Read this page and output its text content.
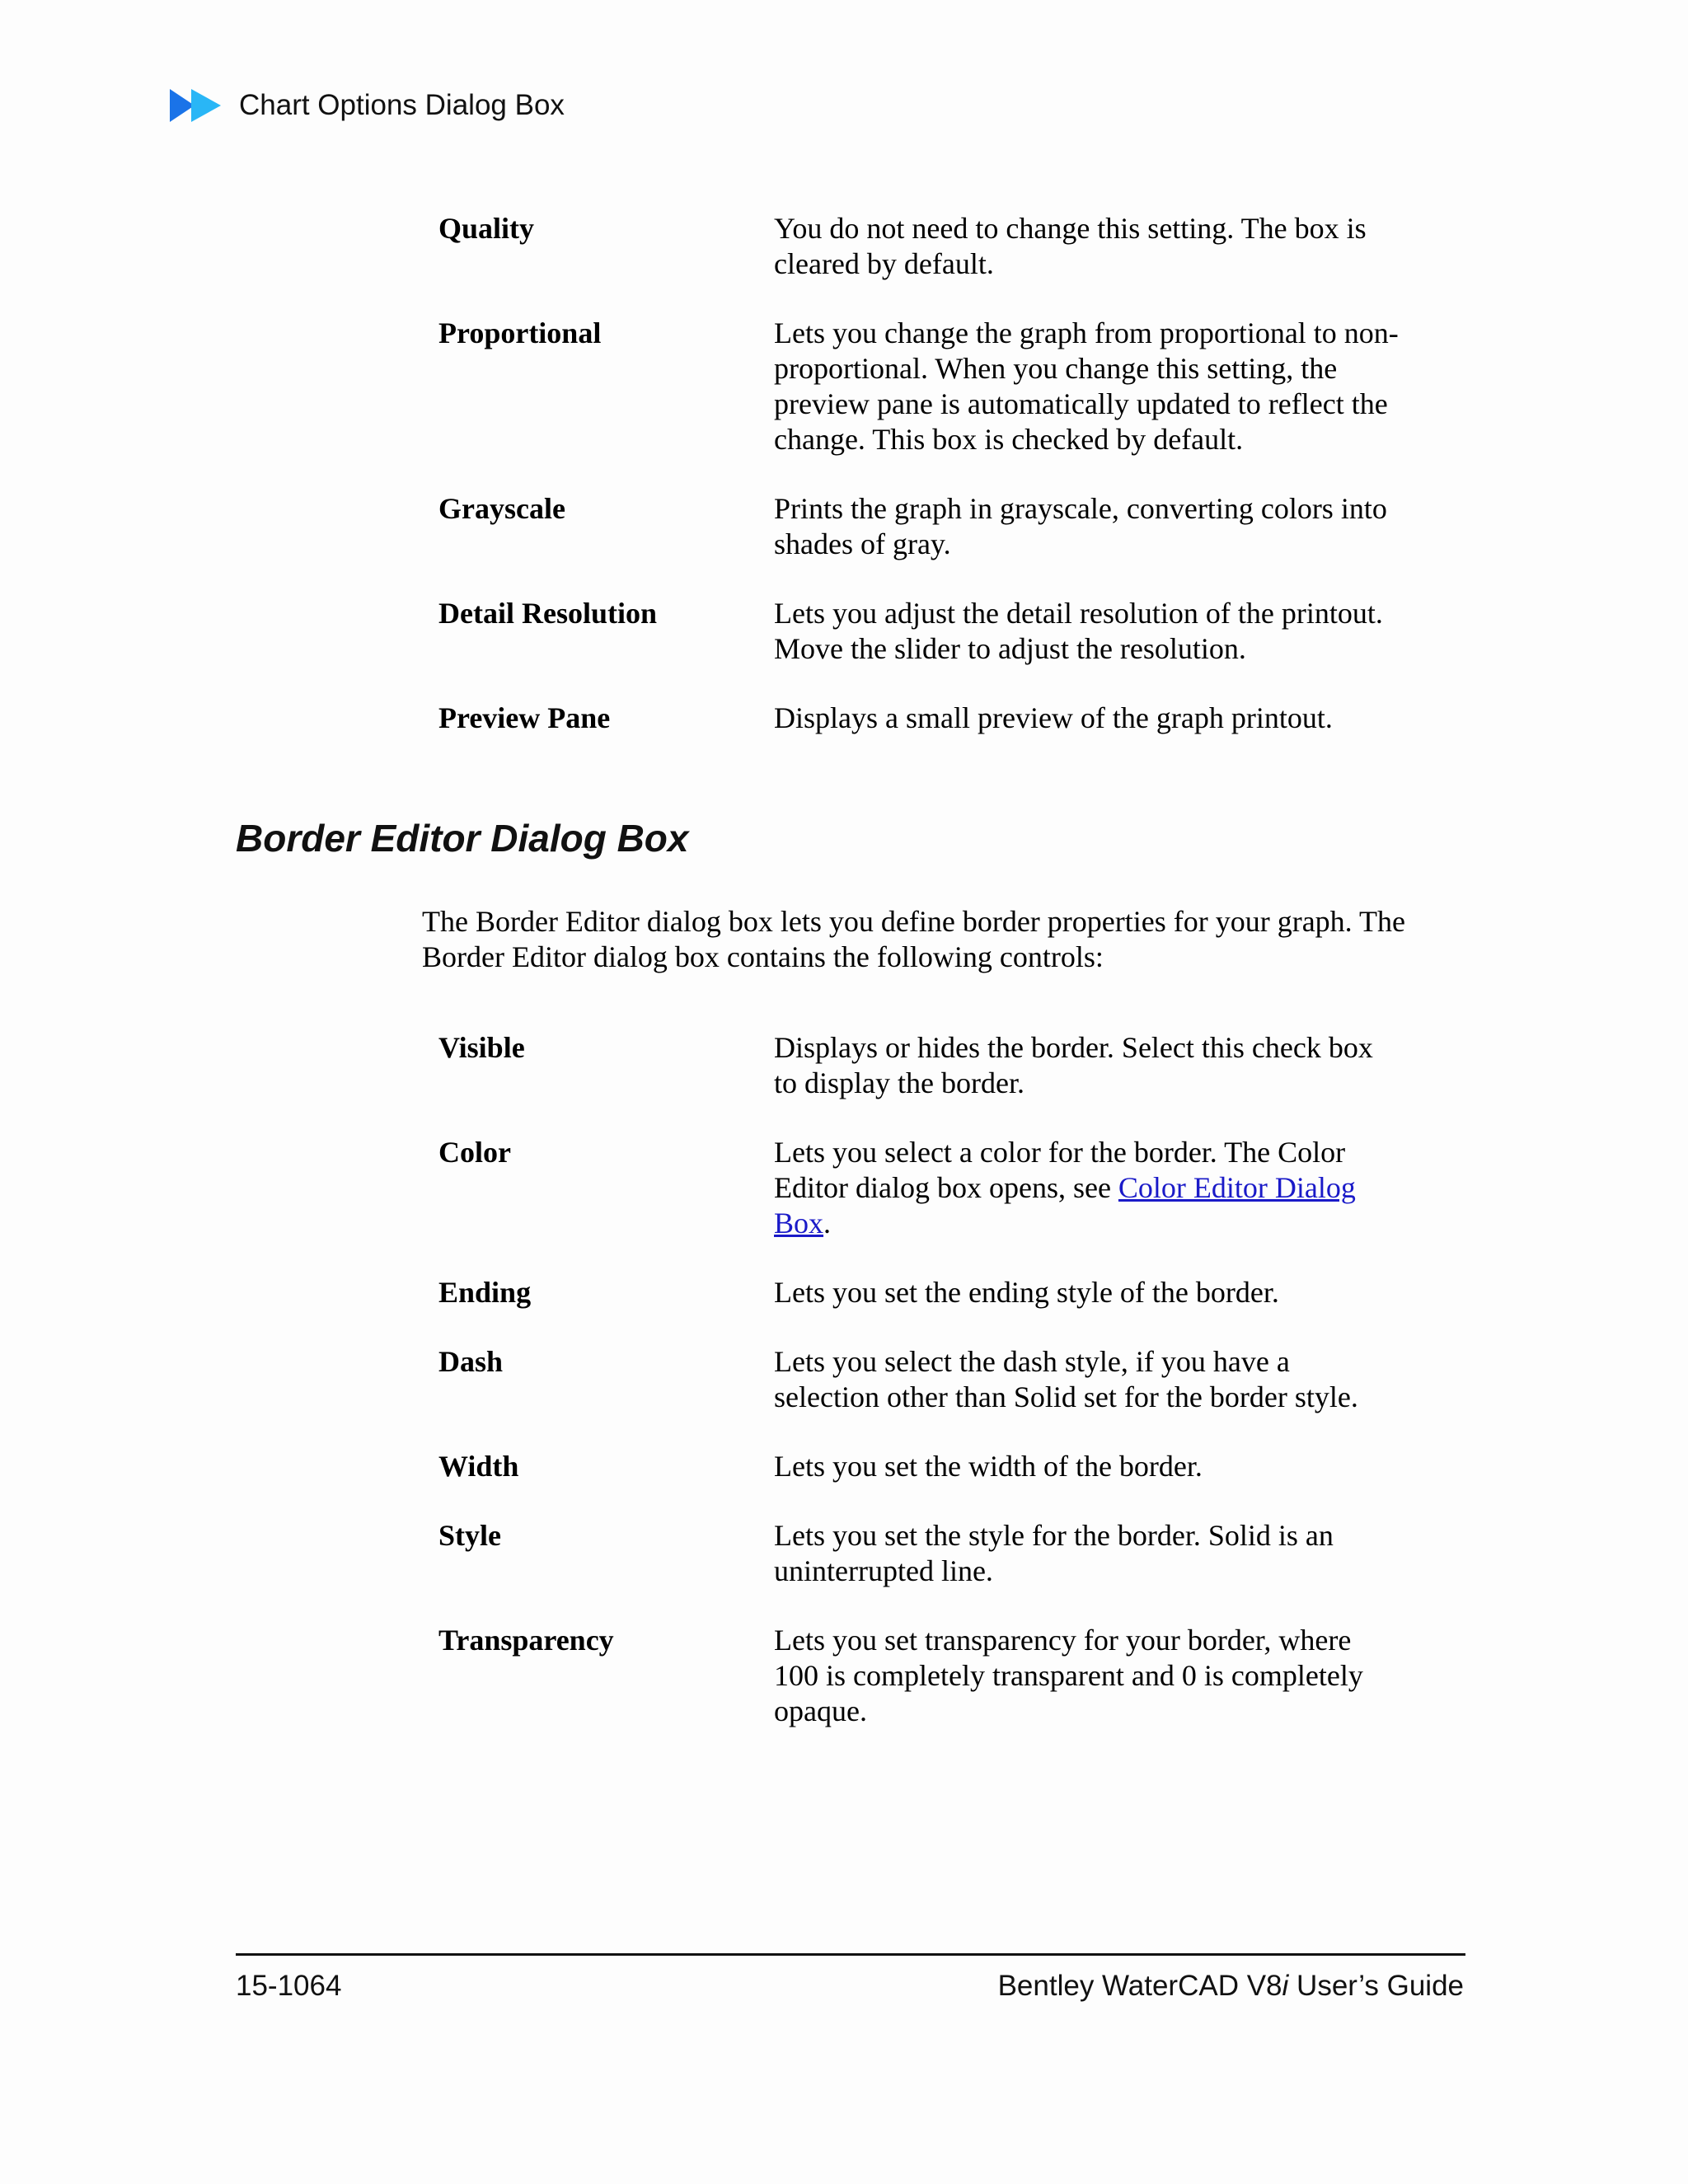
Chart Options Dialog Box
Quality	You do not need to change this setting. The box is cleared by default.
Proportional	Lets you change the graph from proportional to non-proportional. When you change this setting, the preview pane is automatically updated to reflect the change. This box is checked by default.
Grayscale	Prints the graph in grayscale, converting colors into shades of gray.
Detail Resolution	Lets you adjust the detail resolution of the printout. Move the slider to adjust the resolution.
Preview Pane	Displays a small preview of the graph printout.
Border Editor Dialog Box

The Border Editor dialog box lets you define border properties for your graph. The Border Editor dialog box contains the following controls:

Visible	Displays or hides the border. Select this check box to display the border.
Color	Lets you select a color for the border. The Color Editor dialog box opens, see Color Editor Dialog Box.
Ending	Lets you set the ending style of the border.
Dash	Lets you select the dash style, if you have a selection other than Solid set for the border style.
Width	Lets you set the width of the border.
Style	Lets you set the style for the border. Solid is an uninterrupted line.
Transparency	Lets you set transparency for your border, where 100 is completely transparent and 0 is completely opaque.
15-1064	Bentley WaterCAD V8i User’s Guide
